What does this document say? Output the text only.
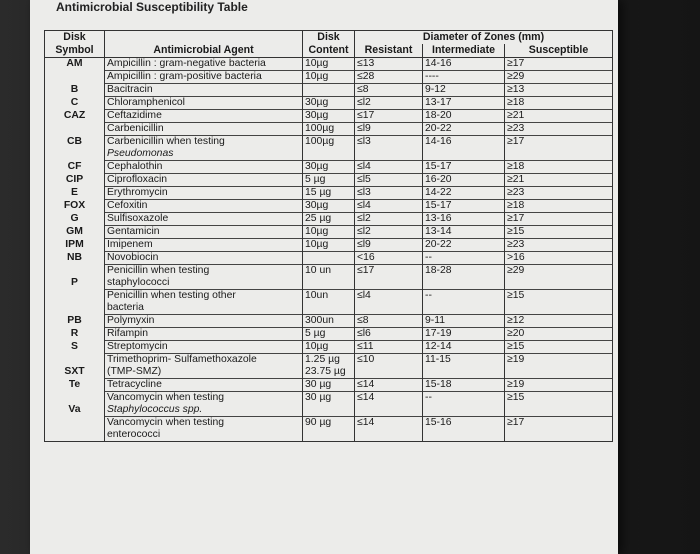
Antimicrobial Susceptibility Table
Disk		Disk	Diameter of Zones (mm)		
Symbol	Antimicrobial Agent	Content	Resistant	Intermediate	Susceptible
AM	Ampicillin : gram-negative bacteria	10µg	≤13	14-16	≥17
	Ampicillin : gram-positive bacteria	10µg	≤28	----	≥29
B	Bacitracin		≤8	9-12	≥13
C	Chloramphenicol	30µg	≤l2	13-17	≥18
CAZ	Ceftazidime	30µg	≤17	18-20	≥21
	Carbenicillin	100µg	≤l9	20-22	≥23
CB	Carbenicillin when testing	100µg	≤l3	14-16	≥17
	Pseudomonas				
CF	Cephalothin	30µg	≤l4	15-17	≥18
CIP	Ciprofloxacin	5 µg	≤l5	16-20	≥21
E	Erythromycin	15 µg	≤l3	14-22	≥23
FOX	Cefoxitin	30µg	≤l4	15-17	≥18
G	Sulfisoxazole	25 µg	≤l2	13-16	≥17
GM	Gentamicin	10µg	≤l2	13-14	≥15
IPM	Imipenem	10µg	≤l9	20-22	≥23
NB	Novobiocin		<16	--	>16
	Penicillin when testing	10 un	≤17	18-28	≥29
P	staphylococci				
	Penicillin when testing other	10un	≤l4	--	≥15
	bacteria				
PB	Polymyxin	300un	≤8	9-11	≥12
R	Rifampin	5 µg	≤l6	17-19	≥20
S	Streptomycin	10µg	≤11	12-14	≥15
	Trimethoprim- Sulfamethoxazole	1.25 µg	≤10	11-15	≥19
SXT	(TMP-SMZ)	23.75 µg			
Te	Tetracycline	30 µg	≤14	15-18	≥19
	Vancomycin when testing	30 µg	≤14	--	≥15
Va	Staphylococcus spp.				
	Vancomycin when testing	90 µg	≤14	15-16	≥17
	enterococci				
